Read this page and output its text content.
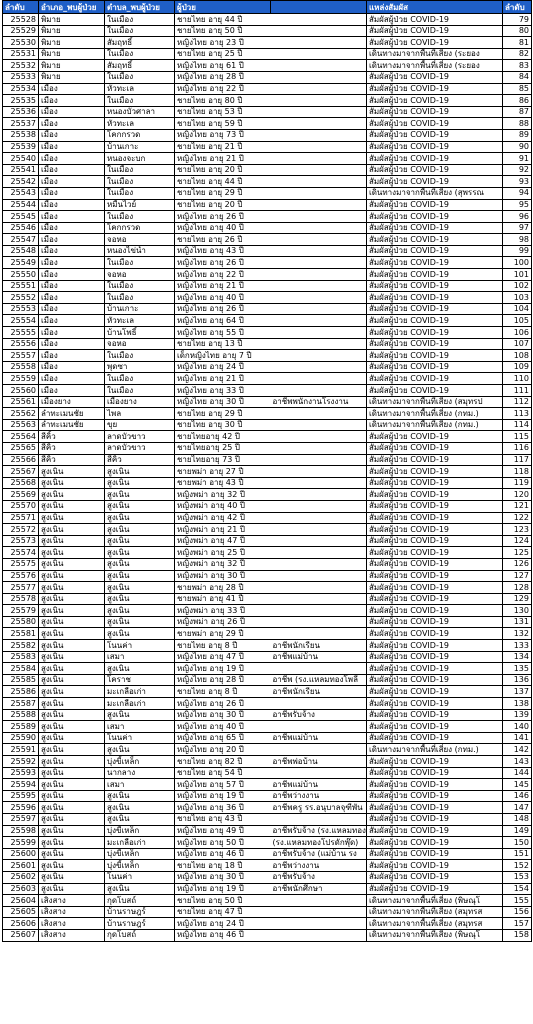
ลำดับ	อำเภอ_พบผู้ป่วย	ตำบล_พบผู้ป่วย	ผู้ป่วย		แหล่งสัมผัส	ลำดับ
25528	พิมาย	ในเมือง	ชายไทย อายุ 44 ปี		สัมผัสผู้ป่วย COVID-19	79
25529	พิมาย	ในเมือง	ชายไทย อายุ 50 ปี		สัมผัสผู้ป่วย COVID-19	80
25530	พิมาย	สัมฤทธิ์	หญิงไทย อายุ 23 ปี		สัมผัสผู้ป่วย COVID-19	81
25531	พิมาย	ในเมือง	ชายไทย อายุ 25 ปี		เดินทางมาจากพื้นที่เสี่ยง (ระยอง	82
25532	พิมาย	สัมฤทธิ์	หญิงไทย อายุ 61 ปี		เดินทางมาจากพื้นที่เสี่ยง (ระยอง	83
25533	พิมาย	ในเมือง	หญิงไทย อายุ 28 ปี		สัมผัสผู้ป่วย COVID-19	84
25534	เมือง	หัวทะเล	หญิงไทย อายุ 22 ปี		สัมผัสผู้ป่วย COVID-19	85
25535	เมือง	ในเมือง	ชายไทย อายุ 80 ปี		สัมผัสผู้ป่วย COVID-19	86
25536	เมือง	หนองบัวศาลา	ชายไทย อายุ 53 ปี		สัมผัสผู้ป่วย COVID-19	87
25537	เมือง	หัวทะเล	ชายไทย อายุ 59 ปี		สัมผัสผู้ป่วย COVID-19	88
25538	เมือง	โคกกรวด	หญิงไทย อายุ 73 ปี		สัมผัสผู้ป่วย COVID-19	89
25539	เมือง	บ้านเกาะ	ชายไทย อายุ 21 ปี		สัมผัสผู้ป่วย COVID-19	90
25540	เมือง	หนองจะบก	หญิงไทย อายุ 21 ปี		สัมผัสผู้ป่วย COVID-19	91
25541	เมือง	ในเมือง	ชายไทย อายุ 20 ปี		สัมผัสผู้ป่วย COVID-19	92
25542	เมือง	ในเมือง	ชายไทย อายุ 44 ปี		สัมผัสผู้ป่วย COVID-19	93
25543	เมือง	ในเมือง	ชายไทย อายุ 29 ปี		เดินทางมาจากพื้นที่เสี่ยง (สุพรรณ	94
25544	เมือง	หมื่นไวย์	ชายไทย อายุ 20 ปี		สัมผัสผู้ป่วย COVID-19	95
25545	เมือง	ในเมือง	หญิงไทย อายุ 26 ปี		สัมผัสผู้ป่วย COVID-19	96
25546	เมือง	โคกกรวด	หญิงไทย อายุ 40 ปี		สัมผัสผู้ป่วย COVID-19	97
25547	เมือง	จอหอ	ชายไทย อายุ 26 ปี		สัมผัสผู้ป่วย COVID-19	98
25548	เมือง	หนองไข่น้ำ	หญิงไทย อายุ 43 ปี		สัมผัสผู้ป่วย COVID-19	99
25549	เมือง	ในเมือง	หญิงไทย อายุ 26 ปี		สัมผัสผู้ป่วย COVID-19	100
25550	เมือง	จอหอ	หญิงไทย อายุ 22 ปี		สัมผัสผู้ป่วย COVID-19	101
25551	เมือง	ในเมือง	หญิงไทย อายุ 21 ปี		สัมผัสผู้ป่วย COVID-19	102
25552	เมือง	ในเมือง	หญิงไทย อายุ 40 ปี		สัมผัสผู้ป่วย COVID-19	103
25553	เมือง	บ้านเกาะ	หญิงไทย อายุ 26 ปี		สัมผัสผู้ป่วย COVID-19	104
25554	เมือง	หัวทะเล	หญิงไทย อายุ 64 ปี		สัมผัสผู้ป่วย COVID-19	105
25555	เมือง	บ้านโพธิ์	หญิงไทย อายุ 55 ปี		สัมผัสผู้ป่วย COVID-19	106
25556	เมือง	จอหอ	ชายไทย อายุ 13 ปี		สัมผัสผู้ป่วย COVID-19	107
25557	เมือง	ในเมือง	เด็กหญิงไทย อายุ 7 ปี		สัมผัสผู้ป่วย COVID-19	108
25558	เมือง	พุดซา	หญิงไทย อายุ 24 ปี		สัมผัสผู้ป่วย COVID-19	109
25559	เมือง	ในเมือง	หญิงไทย อายุ 21 ปี		สัมผัสผู้ป่วย COVID-19	110
25560	เมือง	ในเมือง	หญิงไทย อายุ 33 ปี		สัมผัสผู้ป่วย COVID-19	111
25561	เมืองยาง	เมืองยาง	หญิงไทย อายุ 30 ปี	อาชีพพนักงานโรงงาน	เดินทางมาจากพื้นที่เสี่ยง (สมุทรป	112
25562	ลำทะเมนชัย	ไพล	ชายไทย อายุ 29 ปี		เดินทางมาจากพื้นที่เสี่ยง (กทม.)	113
25563	ลำทะเมนชัย	ขุย	ชายไทย อายุ 30 ปี		เดินทางมาจากพื้นที่เสี่ยง (กทม.)	114
25564	สีคิ้ว	ลาดบัวขาว	ชายไทยอายุ 42 ปี		สัมผัสผู้ป่วย COVID-19	115
25565	สีคิ้ว	ลาดบัวขาว	ชายไทยอายุ 25 ปี		สัมผัสผู้ป่วย COVID-19	116
25566	สีคิ้ว	สีคิ้ว	ชายไทยอายุ 73 ปี		สัมผัสผู้ป่วย COVID-19	117
25567	สูงเนิน	สูงเนิน	ชายพม่า อายุ 27 ปี		สัมผัสผู้ป่วย COVID-19	118
25568	สูงเนิน	สูงเนิน	ชายพม่า อายุ 43 ปี		สัมผัสผู้ป่วย COVID-19	119
25569	สูงเนิน	สูงเนิน	หญิงพม่า อายุ 32 ปี		สัมผัสผู้ป่วย COVID-19	120
25570	สูงเนิน	สูงเนิน	หญิงพม่า อายุ 40 ปี		สัมผัสผู้ป่วย COVID-19	121
25571	สูงเนิน	สูงเนิน	หญิงพม่า อายุ 42 ปี		สัมผัสผู้ป่วย COVID-19	122
25572	สูงเนิน	สูงเนิน	หญิงพม่า อายุ 21 ปี		สัมผัสผู้ป่วย COVID-19	123
25573	สูงเนิน	สูงเนิน	หญิงพม่า อายุ 47 ปี		สัมผัสผู้ป่วย COVID-19	124
25574	สูงเนิน	สูงเนิน	หญิงพม่า อายุ 25 ปี		สัมผัสผู้ป่วย COVID-19	125
25575	สูงเนิน	สูงเนิน	หญิงพม่า อายุ 32 ปี		สัมผัสผู้ป่วย COVID-19	126
25576	สูงเนิน	สูงเนิน	หญิงพม่า อายุ 30 ปี		สัมผัสผู้ป่วย COVID-19	127
25577	สูงเนิน	สูงเนิน	ชายพม่า อายุ 28 ปี		สัมผัสผู้ป่วย COVID-19	128
25578	สูงเนิน	สูงเนิน	ชายพม่า อายุ 41 ปี		สัมผัสผู้ป่วย COVID-19	129
25579	สูงเนิน	สูงเนิน	หญิงพม่า อายุ 33 ปี		สัมผัสผู้ป่วย COVID-19	130
25580	สูงเนิน	สูงเนิน	หญิงพม่า อายุ 26 ปี		สัมผัสผู้ป่วย COVID-19	131
25581	สูงเนิน	สูงเนิน	ชายพม่า อายุ 29 ปี		สัมผัสผู้ป่วย COVID-19	132
25582	สูงเนิน	โนนค่า	ชายไทย อายุ 8 ปี	อาชีพนักเรียน	สัมผัสผู้ป่วย COVID-19	133
25583	สูงเนิน	เสมา	หญิงไทย อายุ 47 ปี	อาชีพแม่บ้าน	สัมผัสผู้ป่วย COVID-19	134
25584	สูงเนิน	สูงเนิน	หญิงไทย อายุ 19 ปี		สัมผัสผู้ป่วย COVID-19	135
25585	สูงเนิน	โคราช	หญิงไทย อายุ 28 ปี	อาชีพ (รง.แหลมทองโพลี	สัมผัสผู้ป่วย COVID-19	136
25586	สูงเนิน	มะเกลือเก่า	ชายไทย อายุ 8 ปี	อาชีพนักเรียน	สัมผัสผู้ป่วย COVID-19	137
25587	สูงเนิน	มะเกลือเก่า	หญิงไทย อายุ 26 ปี		สัมผัสผู้ป่วย COVID-19	138
25588	สูงเนิน	สูงเนิน	หญิงไทย อายุ 30 ปี	อาชีพรับจ้าง	สัมผัสผู้ป่วย COVID-19	139
25589	สูงเนิน	เสมา	หญิงไทย อายุ 40 ปี		สัมผัสผู้ป่วย COVID-19	140
25590	สูงเนิน	โนนค่า	หญิงไทย อายุ 65 ปี	อาชีพแม่บ้าน	สัมผัสผู้ป่วย COVID-19	141
25591	สูงเนิน	สูงเนิน	หญิงไทย อายุ 20 ปี		เดินทางมาจากพื้นที่เสี่ยง (กทม.)	142
25592	สูงเนิน	บุ่งขี้เหล็ก	ชายไทย อายุ 82 ปี	อาชีพพ่อบ้าน	สัมผัสผู้ป่วย COVID-19	143
25593	สูงเนิน	นากลาง	ชายไทย อายุ 54 ปี		สัมผัสผู้ป่วย COVID-19	144
25594	สูงเนิน	เสมา	หญิงไทย อายุ 57 ปี	อาชีพแม่บ้าน	สัมผัสผู้ป่วย COVID-19	145
25595	สูงเนิน	สูงเนิน	หญิงไทย อายุ 19 ปี	อาชีพว่างงาน	สัมผัสผู้ป่วย COVID-19	146
25596	สูงเนิน	สูงเนิน	หญิงไทย อายุ 36 ปี	อาชีพครู รร.อนุบาลจุฑีพัน	สัมผัสผู้ป่วย COVID-19	147
25597	สูงเนิน	สูงเนิน	ชายไทย อายุ 43 ปี		สัมผัสผู้ป่วย COVID-19	148
25598	สูงเนิน	บุ่งขี้เหล็ก	หญิงไทย อายุ 49 ปี	อาชีพรับจ้าง (รง.แหลมทอง	สัมผัสผู้ป่วย COVID-19	149
25599	สูงเนิน	มะเกลือเก่า	หญิงไทย อายุ 50 ปี	(รง.แหลมทองโปรดักพุ๊ด)	สัมผัสผู้ป่วย COVID-19	150
25600	สูงเนิน	บุ่งขี้เหล็ก	หญิงไทย อายุ 46 ปี	อาชีพรับจ้าง (แม่บ้าน รง	สัมผัสผู้ป่วย COVID-19	151
25601	สูงเนิน	บุ่งขี้เหล็ก	ชายไทย อายุ 18 ปี	อาชีพว่างงาน	สัมผัสผู้ป่วย COVID-19	152
25602	สูงเนิน	โนนค่า	หญิงไทย อายุ 30 ปี	อาชีพรับจ้าง	สัมผัสผู้ป่วย COVID-19	153
25603	สูงเนิน	สูงเนิน	หญิงไทย อายุ 19 ปี	อาชีพนักศึกษา	สัมผัสผู้ป่วย COVID-19	154
25604	เสิงสาง	กุดโบสถ์	ชายไทย อายุ 50 ปี		เดินทางมาจากพื้นที่เสี่ยง (พิษณุโ	155
25605	เสิงสาง	บ้านราษฎร์	ชายไทย อายุ 47 ปี		เดินทางมาจากพื้นที่เสี่ยง (สมุทรส	156
25606	เสิงสาง	บ้านราษฎร์	หญิงไทย อายุ 24 ปี		เดินทางมาจากพื้นที่เสี่ยง (สมุทรส	157
25607	เสิงสาง	กุดโบสถ์	หญิงไทย อายุ 46 ปี		เดินทางมาจากพื้นที่เสี่ยง (พิษณุโ	158
